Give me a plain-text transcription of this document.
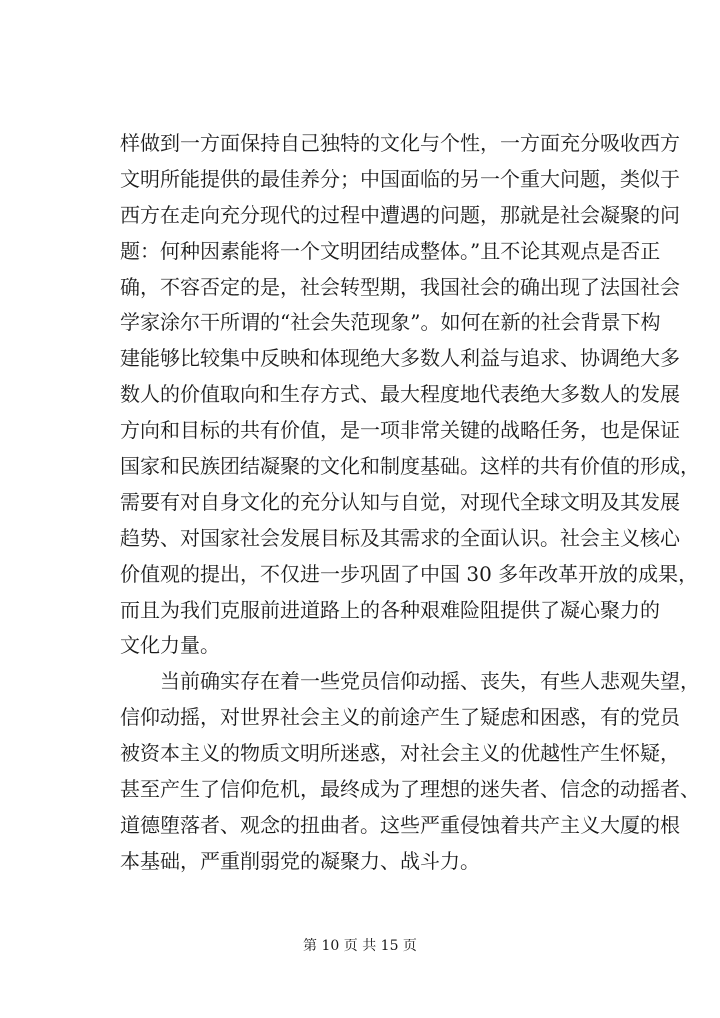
样做到一方面保持自己独特的文化与个性，一方面充分吸收西方
文明所能提供的最佳养分；中国面临的另一个重大问题，类似于
西方在走向充分现代的过程中遭遇的问题，那就是社会凝聚的问
题：何种因素能将一个文明团结成整体。”且不论其观点是否正
确，不容否定的是，社会转型期，我国社会的确出现了法国社会
学家涂尔干所谓的“社会失范现象”。如何在新的社会背景下构
建能够比较集中反映和体现绝大多数人利益与追求、协调绝大多
数人的价值取向和生存方式、最大程度地代表绝大多数人的发展
方向和目标的共有价值，是一项非常关键的战略任务，也是保证
国家和民族团结凝聚的文化和制度基础。这样的共有价值的形成，
需要有对自身文化的充分认知与自觉，对现代全球文明及其发展
趋势、对国家社会发展目标及其需求的全面认识。社会主义核心
价值观的提出，不仅进一步巩固了中国 30 多年改革开放的成果，
而且为我们克服前进道路上的各种艰难险阻提供了凝心聚力的
文化力量。
当前确实存在着一些党员信仰动摇、丧失，有些人悲观失望，
信仰动摇，对世界社会主义的前途产生了疑虑和困惑，有的党员
被资本主义的物质文明所迷惑，对社会主义的优越性产生怀疑，
甚至产生了信仰危机，最终成为了理想的迷失者、信念的动摇者、
道德堕落者、观念的扭曲者。这些严重侵蚀着共产主义大厦的根
本基础，严重削弱党的凝聚力、战斗力。
第 10 页 共 15 页
